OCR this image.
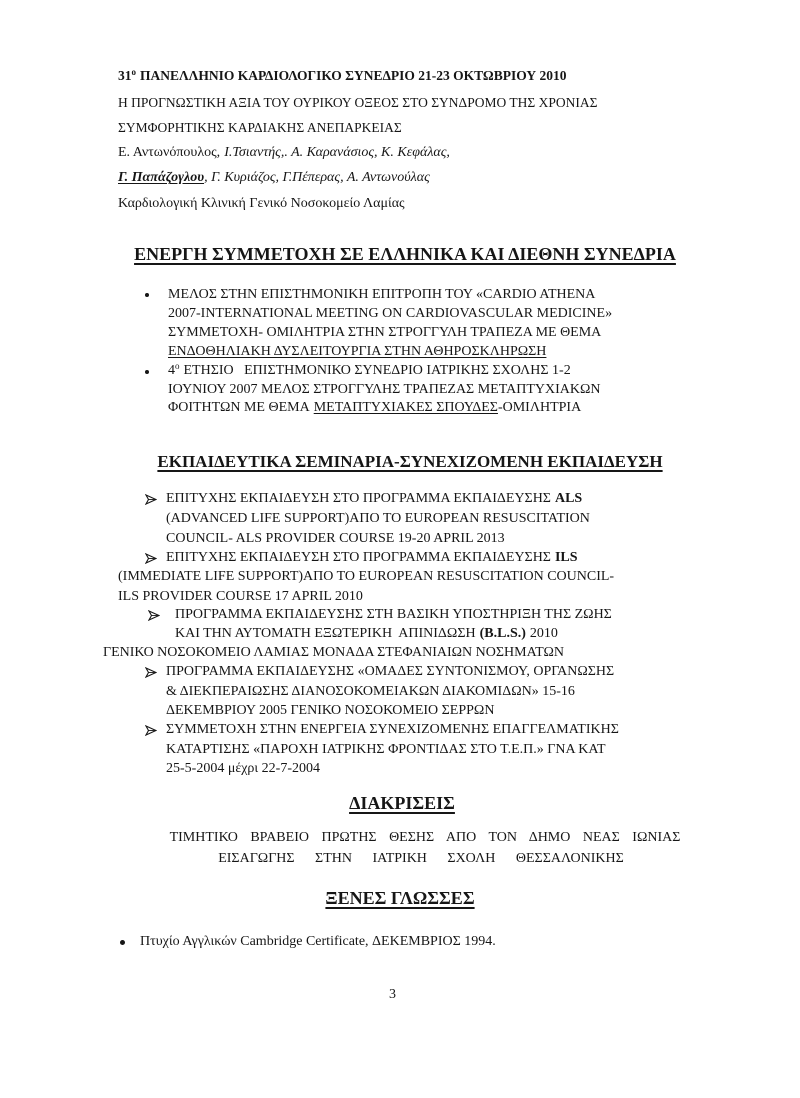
$31^o$ ΠΑΝΕΛΛΗΝΙΟ ΚΑΡΔΙΟΛΟΓΙΚΟ ΣΥΝΕΔΡΙΟ 21-23 ΟΚΤΩΒΡΙΟΥ 2010
Η ΠΡΟΓΝΩΣΤΙΚΗ ΑΞΙΑ ΤΟΥ ΟΥΡΙΚΟΥ ΟΞΕΟΣ ΣΤΟ ΣΥΝΔΡΟΜΟ ΤΗΣ ΧΡΟΝΙΑΣ
ΣΥΜΦΟΡΗΤΙΚΗΣ ΚΑΡΔΙΑΚΗΣ ΑΝΕΠΑΡΚΕΙΑΣ
Ε. Αντωνόπουλος, Ι.Τσιαντής,. Α. Καρανάσιος, Κ. Κεφάλας,
Γ. Παπάζογλου, Γ. Κυριάζος, Γ.Πέπερας, Α. Αντωνούλας
Καρδιολογική Κλινική Γενικό Νοσοκομείο Λαμίας
ΕΝΕΡΓΗ ΣΥΜΜΕΤΟΧΗ ΣΕ ΕΛΛΗΝΙΚΑ ΚΑΙ ΔΙΕΘΝΗ ΣΥΝΕΔΡΙΑ
ΜΕΛΟΣ ΣΤΗΝ ΕΠΙΣΤΗΜΟΝΙΚΗ ΕΠΙΤΡΟΠΗ ΤΟΥ «CARDIO ATHENA
2007-INTERNATIONAL MEETING ON CARDIOVASCULAR MEDICINE»
ΣΥΜΜΕΤΟΧΗ- ΟΜΙΛΗΤΡΙΑ ΣΤΗΝ ΣΤΡΟΓΓΥΛΗ ΤΡΑΠΕΖΑ ΜΕ ΘΕΜΑ
ΕΝΔΟΘΗΛΙΑΚΗ ΔΥΣΛΕΙΤΟΥΡΓΙΑ ΣΤΗΝ ΑΘΗΡΟΣΚΛΗΡΩΣΗ
$4^o$ ΕΤΗΣΙΟ   ΕΠΙΣΤΗΜΟΝΙΚΟ ΣΥΝΕΔΡΙΟ ΙΑΤΡΙΚΗΣ ΣΧΟΛΗΣ 1-2
ΙΟΥΝΙΟΥ 2007 ΜΕΛΟΣ ΣΤΡΟΓΓΥΛΗΣ ΤΡΑΠΕΖΑΣ ΜΕΤΑΠΤΥΧΙΑΚΩΝ
ΦΟΙΤΗΤΩΝ ΜΕ ΘΕΜΑ ΜΕΤΑΠΤΥΧΙΑΚΕΣ ΣΠΟΥΔΕΣ-ΟΜΙΛΗΤΡΙΑ
ΕΚΠΑΙΔΕΥΤΙΚΑ ΣΕΜΙΝΑΡΙΑ-ΣΥΝΕΧΙΖΟΜΕΝΗ ΕΚΠΑΙΔΕΥΣΗ
ΕΠΙΤΥΧΗΣ ΕΚΠΑΙΔΕΥΣΗ ΣΤΟ ΠΡΟΓΡΑΜΜΑ ΕΚΠΑΙΔΕΥΣΗΣ ALS
(ADVANCED LIFE SUPPORT)ΑΠΟ ΤΟ EUROPEAN RESUSCITATION
COUNCIL- ALS PROVIDER COURSE 19-20 APRIL 2013
ΕΠΙΤΥΧΗΣ ΕΚΠΑΙΔΕΥΣΗ ΣΤΟ ΠΡΟΓΡΑΜΜΑ ΕΚΠΑΙΔΕΥΣΗΣ ILS
(IMMEDIATE LIFE SUPPORT)ΑΠΟ ΤΟ EUROPEAN RESUSCITATION COUNCIL-
ILS PROVIDER COURSE 17 APRIL 2010
ΠΡΟΓΡΑΜΜΑ ΕΚΠΑΙΔΕΥΣΗΣ ΣΤΗ ΒΑΣΙΚΗ ΥΠΟΣΤΗΡΙΞΗ ΤΗΣ ΖΩΗΣ
ΚΑΙ ΤΗΝ ΑΥΤΟΜΑΤΗ ΕΞΩΤΕΡΙΚΗ  ΑΠΙΝΙΔΩΣΗ (B.L.S.) 2010
ΓΕΝΙΚΟ ΝΟΣΟΚΟΜΕΙΟ ΛΑΜΙΑΣ ΜΟΝΑΔΑ ΣΤΕΦΑΝΙΑΙΩΝ ΝΟΣΗΜΑΤΩΝ
ΠΡΟΓΡΑΜΜΑ ΕΚΠΑΙΔΕΥΣΗΣ «ΟΜΑΔΕΣ ΣΥΝΤΟΝΙΣΜΟΥ, ΟΡΓΑΝΩΣΗΣ
& ΔΙΕΚΠΕΡΑΙΩΣΗΣ ΔΙΑΝΟΣΟΚΟΜΕΙΑΚΩΝ ΔΙΑΚΟΜΙΔΩΝ» 15-16
ΔΕΚΕΜΒΡΙΟΥ 2005 ΓΕΝΙΚΟ ΝΟΣΟΚΟΜΕΙΟ ΣΕΡΡΩΝ
ΣΥΜΜΕΤΟΧΗ ΣΤΗΝ ΕΝΕΡΓΕΙΑ ΣΥΝΕΧΙΖΟΜΕΝΗΣ ΕΠΑΓΓΕΛΜΑΤΙΚΗΣ
ΚΑΤΑΡΤΙΣΗΣ «ΠΑΡΟΧΗ ΙΑΤΡΙΚΗΣ ΦΡΟΝΤΙΔΑΣ ΣΤΟ Τ.Ε.Π.» ΓΝΑ ΚΑΤ
25-5-2004 μέχρι 22-7-2004
ΔΙΑΚΡΙΣΕΙΣ
ΤΙΜΗΤΙΚΟ ΒΡΑΒΕΙΟ ΠΡΩΤΗΣ ΘΕΣΗΣ ΑΠΟ ΤΟΝ ΔΗΜΟ ΝΕΑΣ ΙΩΝΙΑΣ
ΕΙΣΑΓΩΓΗΣ ΣΤΗΝ ΙΑΤΡΙΚΗ ΣΧΟΛΗ ΘΕΣΣΑΛΟΝΙΚΗΣ
ΞΕΝΕΣ ΓΛΩΣΣΕΣ
Πτυχίο Αγγλικών Cambridge Certificate, ΔΕΚΕΜΒΡΙΟΣ 1994.
3
